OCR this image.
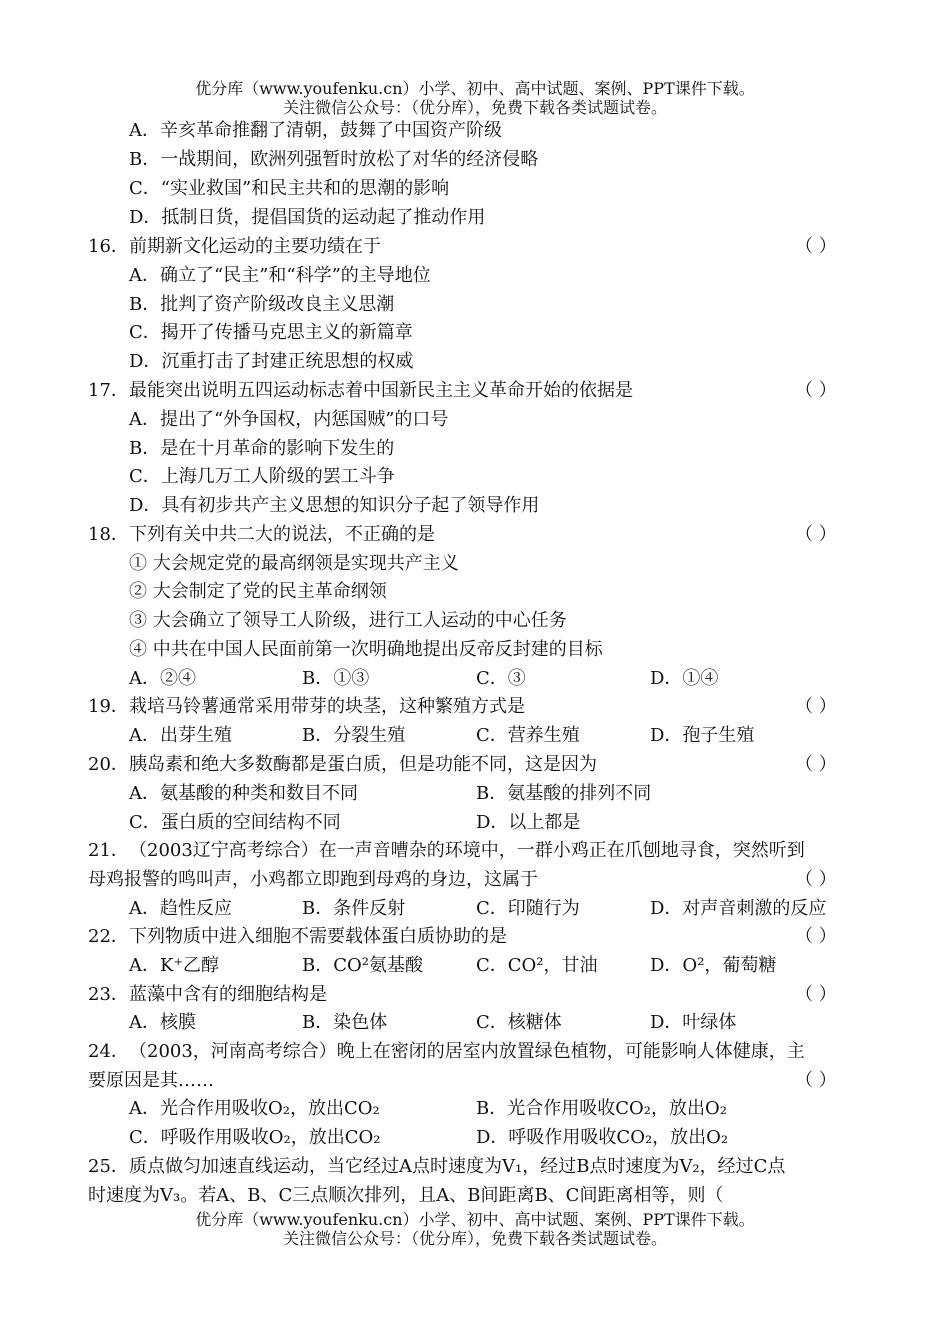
优分库（www.youfenku.cn）小学、初中、高中试题、案例、PPT课件下载。
关注微信公众号：（优分库），免费下载各类试题试卷。
A．辛亥革命推翻了清朝，鼓舞了中国资产阶级
B．一战期间，欧洲列强暂时放松了对华的经济侵略
C．“实业救国”和民主共和的思潮的影响
D．抵制日货，提倡国货的运动起了推动作用
16． 前期新文化运动的主要功绩在于	（ ）
A．确立了“民主”和“科学”的主导地位
B．批判了资产阶级改良主义思潮
C．揭开了传播马克思主义的新篇章
D．沉重打击了封建正统思想的权威
17． 最能突出说明五四运动标志着中国新民主主义革命开始的依据是	（ ）
A．提出了“外争国权，内惩国贼”的口号
B．是在十月革命的影响下发生的
C．上海几万工人阶级的罢工斗争
D．具有初步共产主义思想的知识分子起了领导作用
18． 下列有关中共二大的说法，不正确的是	（ ）
① 大会规定党的最高纲领是实现共产主义
② 大会制定了党的民主革命纲领
③ 大会确立了领导工人阶级，进行工人运动的中心任务
④ 中共在中国人民面前第一次明确地提出反帝反封建的目标
A．②④	B．①③	C．③	D．①④
19． 栽培马铃薯通常采用带芽的块茎，这种繁殖方式是	（ ）
A．出芽生殖	B．分裂生殖	C．营养生殖	D．孢子生殖
20． 胰岛素和绝大多数酶都是蛋白质，但是功能不同，这是因为	（ ）
A．氨基酸的种类和数目不同	B．氨基酸的排列不同
C．蛋白质的空间结构不同	D．以上都是
21． （2003辽宁高考综合）在一声音嘈杂的环境中，一群小鸡正在爪刨地寻食，突然听到
母鸡报警的鸣叫声，小鸡都立即跑到母鸡的身边，这属于	（ ）
A．趋性反应	B．条件反射	C．印随行为	D．对声音刺激的反应
22． 下列物质中进入细胞不需要载体蛋白质协助的是	（ ）
A．K⁺乙醇	B．CO²氨基酸	C．CO²，甘油	D．O²，葡萄糖
23． 蓝藻中含有的细胞结构是	（ ）
A．核膜	B．染色体	C．核糖体	D．叶绿体
24． （2003，河南高考综合）晚上在密闭的居室内放置绿色植物，可能影响人体健康，主
要原因是其……	（ ）
A．光合作用吸收O₂，放出CO₂	B．光合作用吸收CO₂，放出O₂
C．呼吸作用吸收O₂，放出CO₂	D．呼吸作用吸收CO₂，放出O₂
25． 质点做匀加速直线运动，当它经过A点时速度为V₁，经过B点时速度为V₂，经过C点
时速度为V₃。若A、B、C三点顺次排列，且A、B间距离B、C间距离相等，则（
优分库（www.youfenku.cn）小学、初中、高中试题、案例、PPT课件下载。
关注微信公众号：（优分库），免费下载各类试题试卷。
